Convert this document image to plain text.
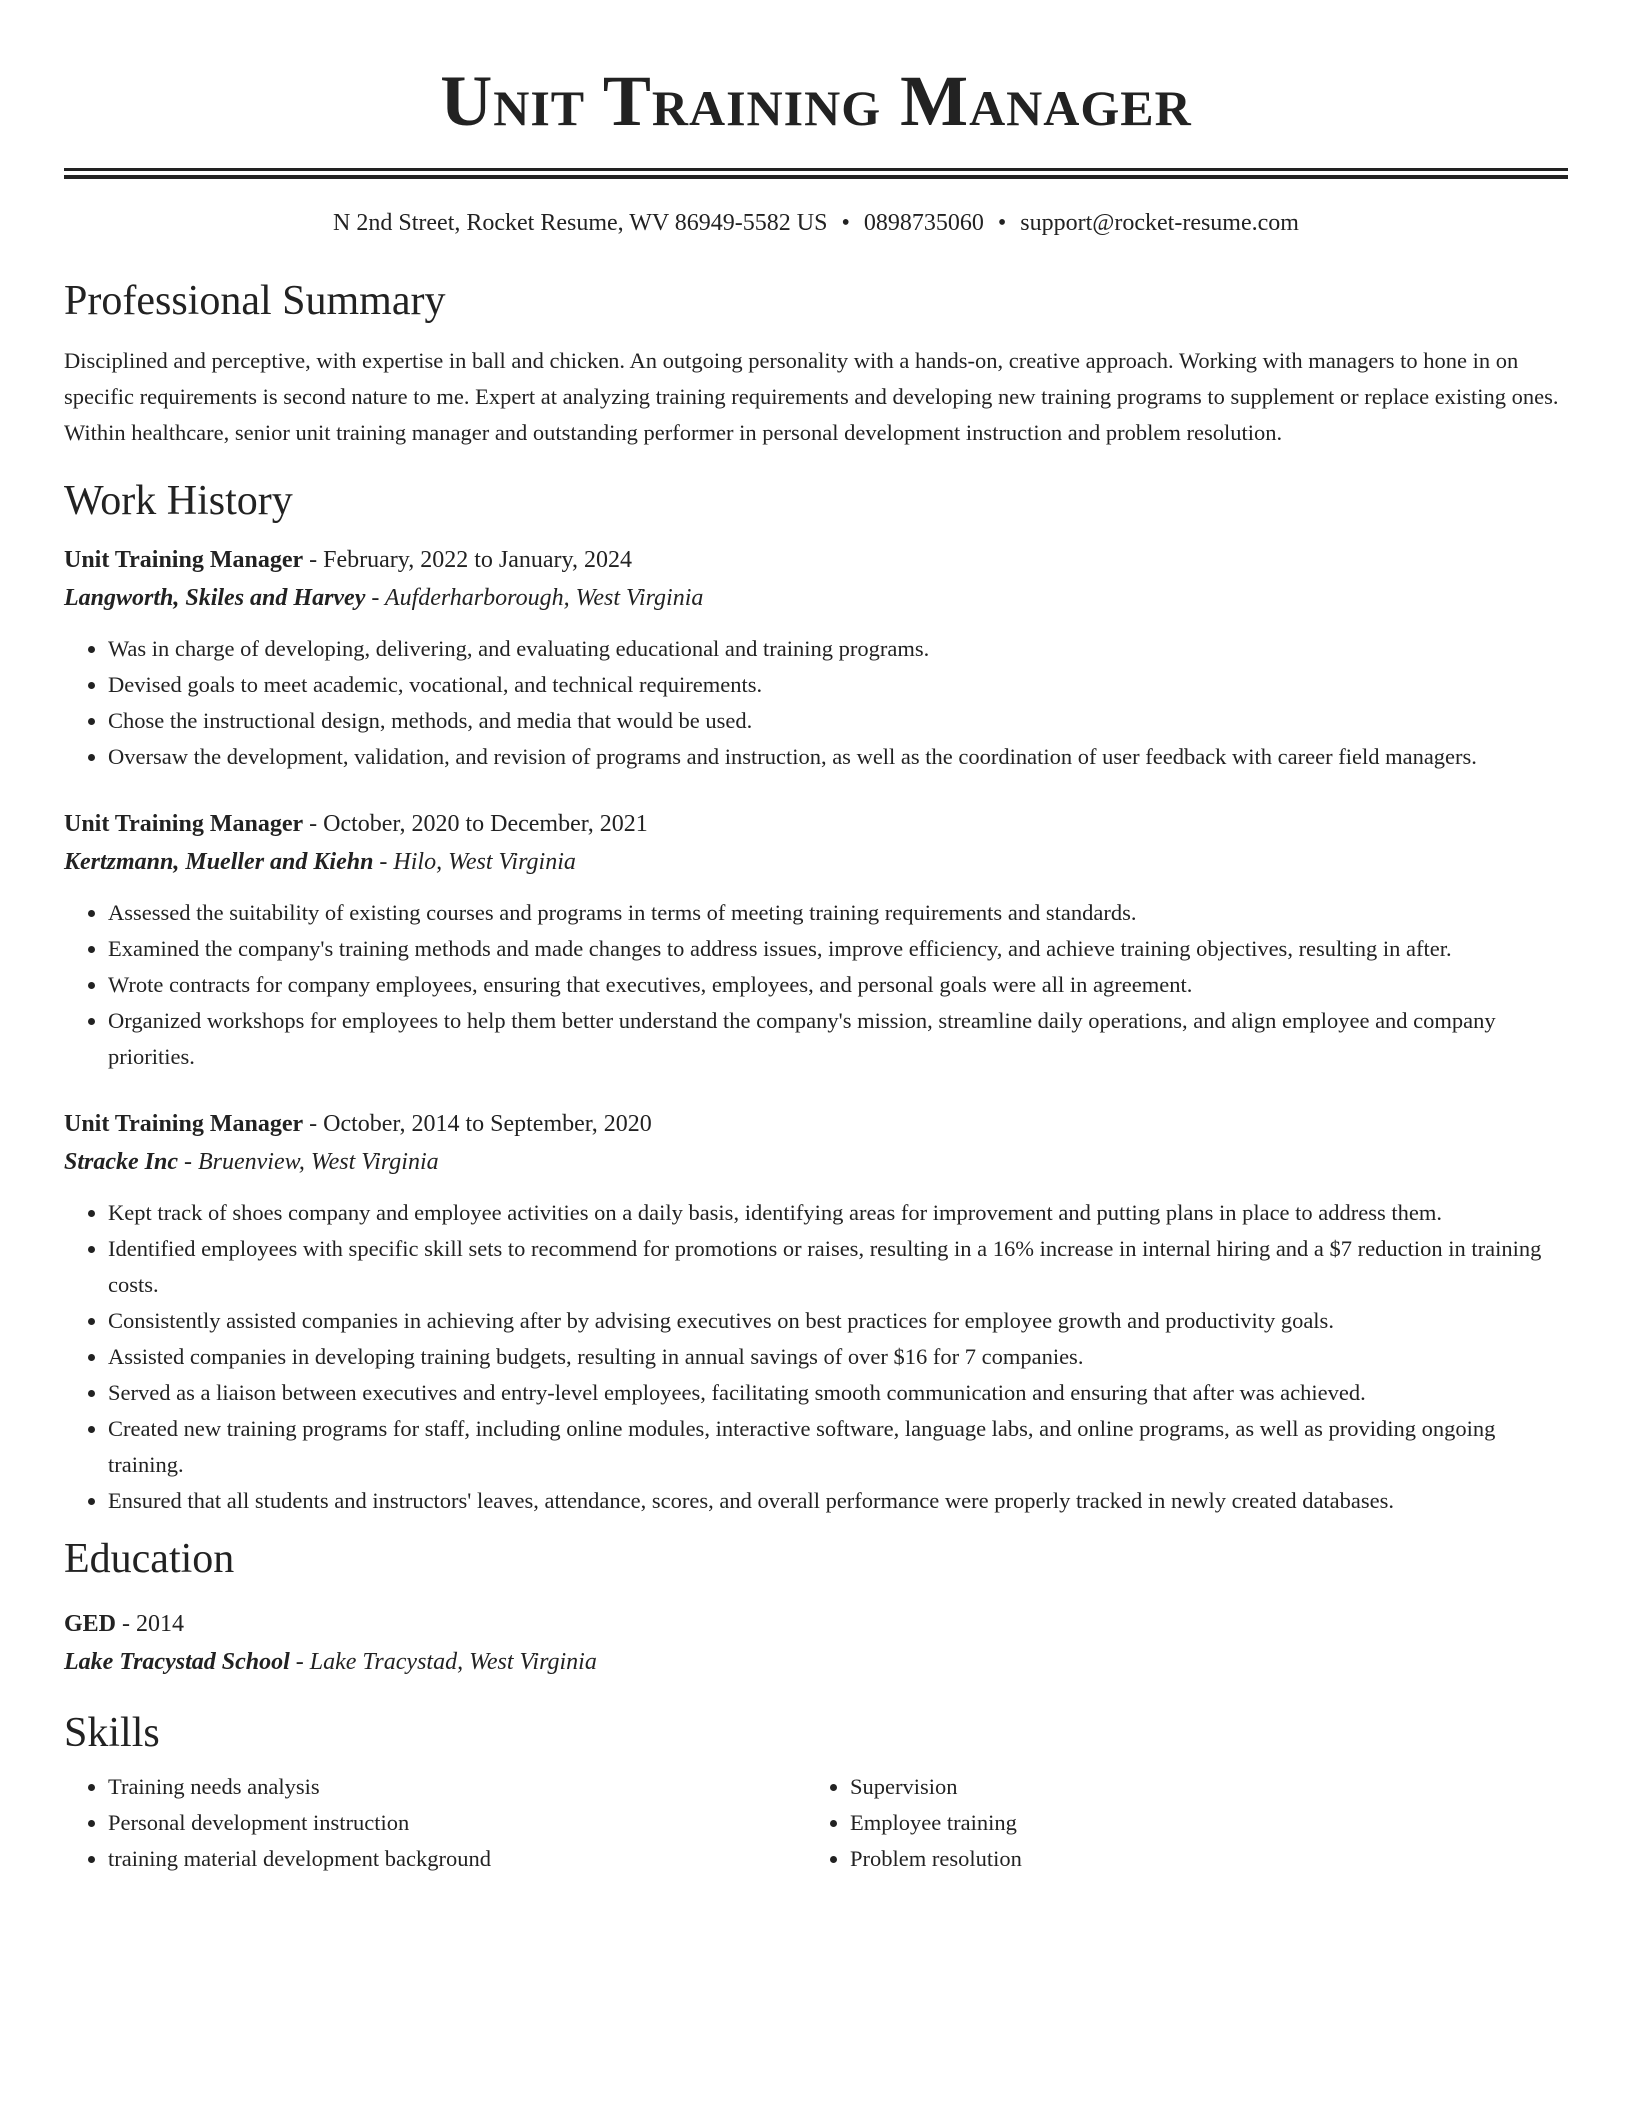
Unit Training Manager
N 2nd Street, Rocket Resume, WV 86949-5582 US • 0898735060 • support@rocket-resume.com
Professional Summary

Disciplined and perceptive, with expertise in ball and chicken. An outgoing personality with a hands-on, creative approach. Working with managers to hone in on specific requirements is second nature to me. Expert at analyzing training requirements and developing new training programs to supplement or replace existing ones. Within healthcare, senior unit training manager and outstanding performer in personal development instruction and problem resolution.

Work History
Unit Training Manager - February, 2022 to January, 2024
Langworth, Skiles and Harvey - Aufderharborough, West Virginia
• Was in charge of developing, delivering, and evaluating educational and training programs.
• Devised goals to meet academic, vocational, and technical requirements.
• Chose the instructional design, methods, and media that would be used.
• Oversaw the development, validation, and revision of programs and instruction, as well as the coordination of user feedback with career field managers.
Unit Training Manager - October, 2020 to December, 2021
Kertzmann, Mueller and Kiehn - Hilo, West Virginia
• Assessed the suitability of existing courses and programs in terms of meeting training requirements and standards.
• Examined the company's training methods and made changes to address issues, improve efficiency, and achieve training objectives, resulting in after.
• Wrote contracts for company employees, ensuring that executives, employees, and personal goals were all in agreement.
• Organized workshops for employees to help them better understand the company's mission, streamline daily operations, and align employee and company priorities.
Unit Training Manager - October, 2014 to September, 2020
Stracke Inc - Bruenview, West Virginia
• Kept track of shoes company and employee activities on a daily basis, identifying areas for improvement and putting plans in place to address them.
• Identified employees with specific skill sets to recommend for promotions or raises, resulting in a 16% increase in internal hiring and a $7 reduction in training costs.
• Consistently assisted companies in achieving after by advising executives on best practices for employee growth and productivity goals.
• Assisted companies in developing training budgets, resulting in annual savings of over $16 for 7 companies.
• Served as a liaison between executives and entry-level employees, facilitating smooth communication and ensuring that after was achieved.
• Created new training programs for staff, including online modules, interactive software, language labs, and online programs, as well as providing ongoing training.
• Ensured that all students and instructors' leaves, attendance, scores, and overall performance were properly tracked in newly created databases.
Education
GED - 2014
Lake Tracystad School - Lake Tracystad, West Virginia
Skills
• Training needs analysis
• Personal development instruction
• training material development background
• Supervision
• Employee training
• Problem resolution
